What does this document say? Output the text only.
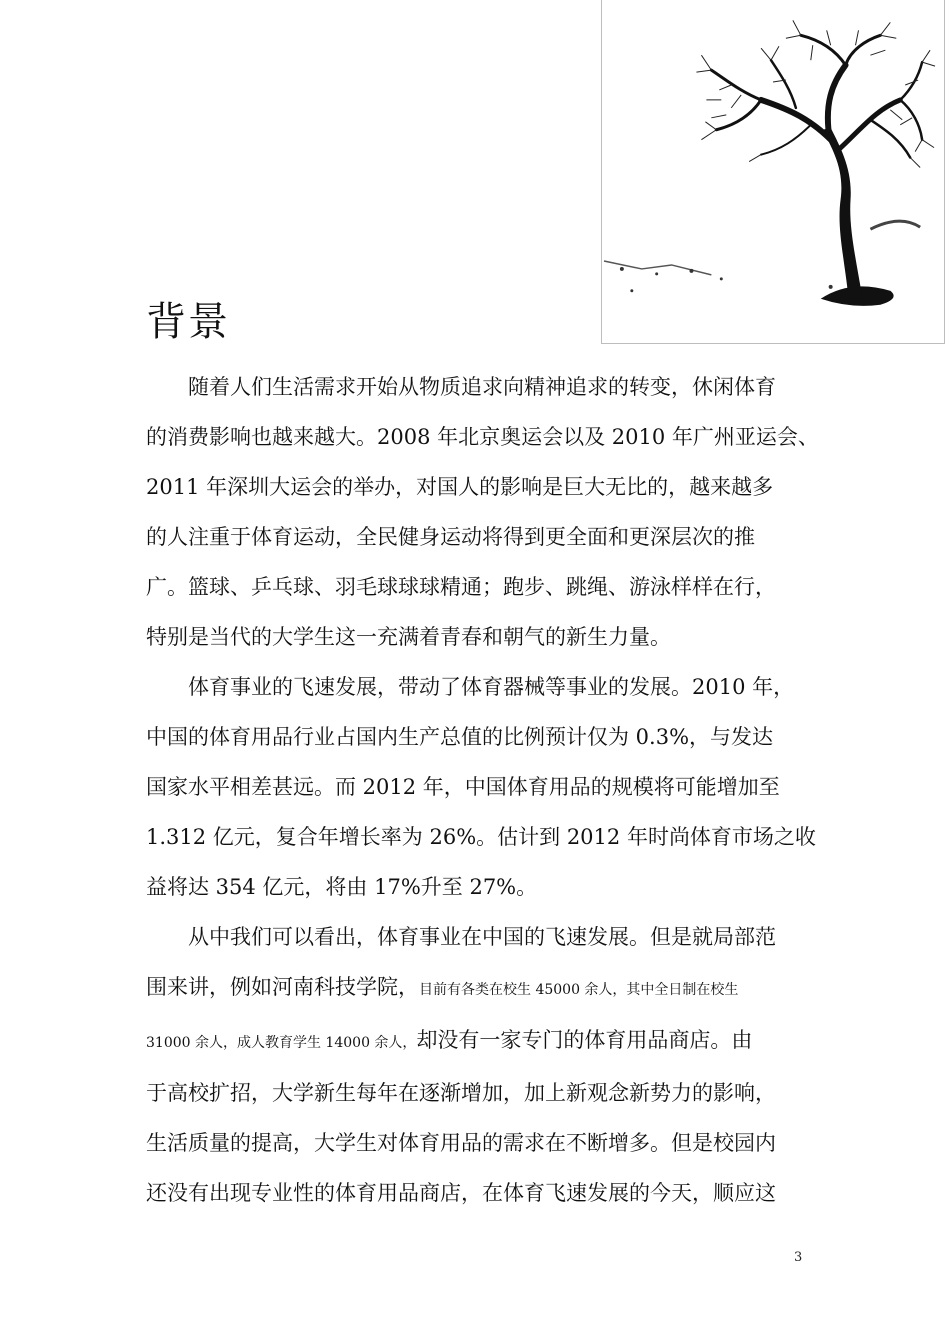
背景

随着人们生活需求开始从物质追求向精神追求的转变，休闲体育
的消费影响也越来越大。2008 年北京奥运会以及 2010 年广州亚运会、
2011 年深圳大运会的举办，对国人的影响是巨大无比的，越来越多
的人注重于体育运动，全民健身运动将得到更全面和更深层次的推
广。篮球、乒乓球、羽毛球球球精通；跑步、跳绳、游泳样样在行，
特别是当代的大学生这一充满着青春和朝气的新生力量。

体育事业的飞速发展，带动了体育器械等事业的发展。2010 年，
中国的体育用品行业占国内生产总值的比例预计仅为 0.3%，与发达
国家水平相差甚远。而 2012 年，中国体育用品的规模将可能增加至
1.312 亿元，复合年增长率为 26%。估计到 2012 年时尚体育市场之收
益将达 354 亿元，将由 17%升至 27%。

从中我们可以看出，体育事业在中国的飞速发展。但是就局部范
围来讲，例如河南科技学院，目前有各类在校生 45000 余人，其中全日制在校生
31000 余人，成人教育学生 14000 余人，却没有一家专门的体育用品商店。由
于高校扩招，大学新生每年在逐渐增加，加上新观念新势力的影响，
生活质量的提高，大学生对体育用品的需求在不断增多。但是校园内
还没有出现专业性的体育用品商店，在体育飞速发展的今天，顺应这

3
